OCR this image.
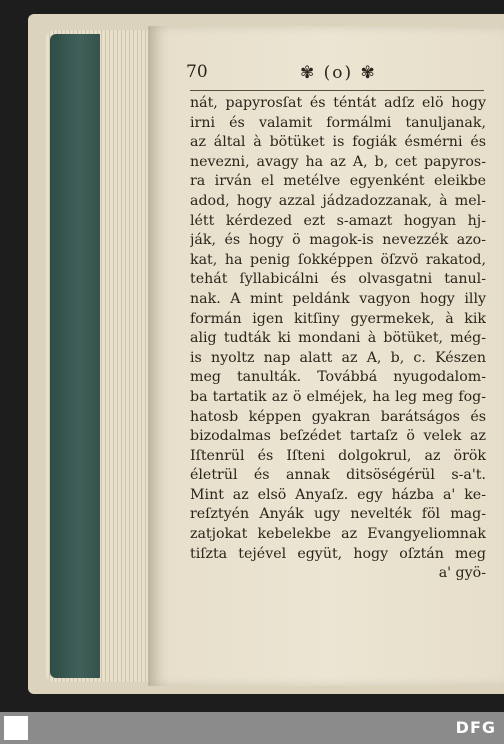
70	✾ (o) ✾
nát, papyrosſat és téntát adſz elö hogy
irni és valamit formálmi tanuljanak,
az által à bötüket is fogiák ésmérni és
nevezni, avagy ha az A, b, cet papyros-
ra irván el metélve egyenként eleikbe
adod, hogy azzal jádzadozzanak, à mel-
létt kérdezed ezt s-amazt hogyan hj-
ják, és hogy ö magok-is nevezzék azo-
kat, ha penig ſokképpen öſzvö rakatod,
tehát ſyllabicálni és olvasgatni tanul-
nak. A mint peldánk vagyon hogy illy
formán igen kitſiny gyermekek, à kik
alig tudták ki mondani à bötüket, még-
is nyoltz nap alatt az A, b, c. Készen
meg tanulták. Továbbá nyugodalom-
ba tartatik az ö elméjek, ha leg meg fog-
hatosb képpen gyakran barátságos és
bizodalmas beſzédet tartaſz ö velek az
Iſtenrül és Iſteni dolgokrul, az örök
életrül és annak ditsöségérül s-a't.
Mint az elsö Anyaſz. egy házba a' ke-
reſztyén Anyák ugy nevelték föl mag-
zatjokat kebelekbe az Evangyeliomnak
tiſzta tejével együt, hogy oſztán meg
a' gyö-
DFG
